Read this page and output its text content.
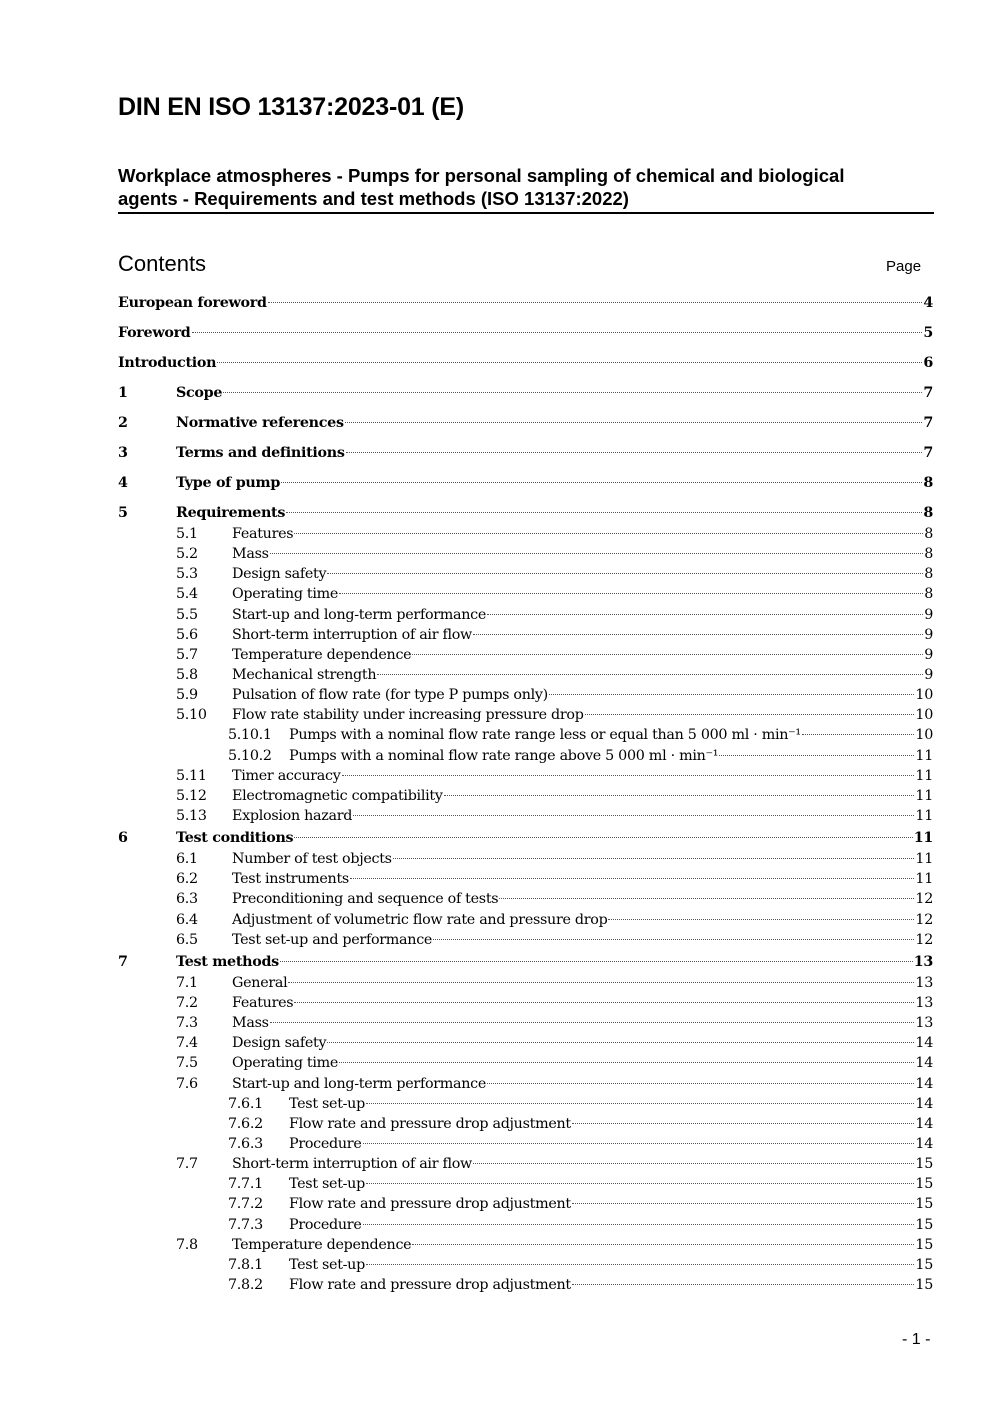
DIN EN ISO 13137:2023-01 (E)
Workplace atmospheres - Pumps for personal sampling of chemical and biological
agents - Requirements and test methods (ISO 13137:2022)
Contents	Page
European foreword	4
Foreword	5
Introduction	6
1	Scope	7
2	Normative references	7
3	Terms and definitions	7
4	Type of pump	8
5	Requirements	8
5.1	Features	8
5.2	Mass	8
5.3	Design safety	8
5.4	Operating time	8
5.5	Start-up and long-term performance	9
5.6	Short-term interruption of air flow	9
5.7	Temperature dependence	9
5.8	Mechanical strength	9
5.9	Pulsation of flow rate (for type P pumps only)	10
5.10	Flow rate stability under increasing pressure drop	10
5.10.1	Pumps with a nominal flow rate range less or equal than 5 000 ml · min⁻¹	10
5.10.2	Pumps with a nominal flow rate range above 5 000 ml · min⁻¹	11
5.11	Timer accuracy	11
5.12	Electromagnetic compatibility	11
5.13	Explosion hazard	11
6	Test conditions	11
6.1	Number of test objects	11
6.2	Test instruments	11
6.3	Preconditioning and sequence of tests	12
6.4	Adjustment of volumetric flow rate and pressure drop	12
6.5	Test set-up and performance	12
7	Test methods	13
7.1	General	13
7.2	Features	13
7.3	Mass	13
7.4	Design safety	14
7.5	Operating time	14
7.6	Start-up and long-term performance	14
7.6.1	Test set-up	14
7.6.2	Flow rate and pressure drop adjustment	14
7.6.3	Procedure	14
7.7	Short-term interruption of air flow	15
7.7.1	Test set-up	15
7.7.2	Flow rate and pressure drop adjustment	15
7.7.3	Procedure	15
7.8	Temperature dependence	15
7.8.1	Test set-up	15
7.8.2	Flow rate and pressure drop adjustment	15
- 1 -
